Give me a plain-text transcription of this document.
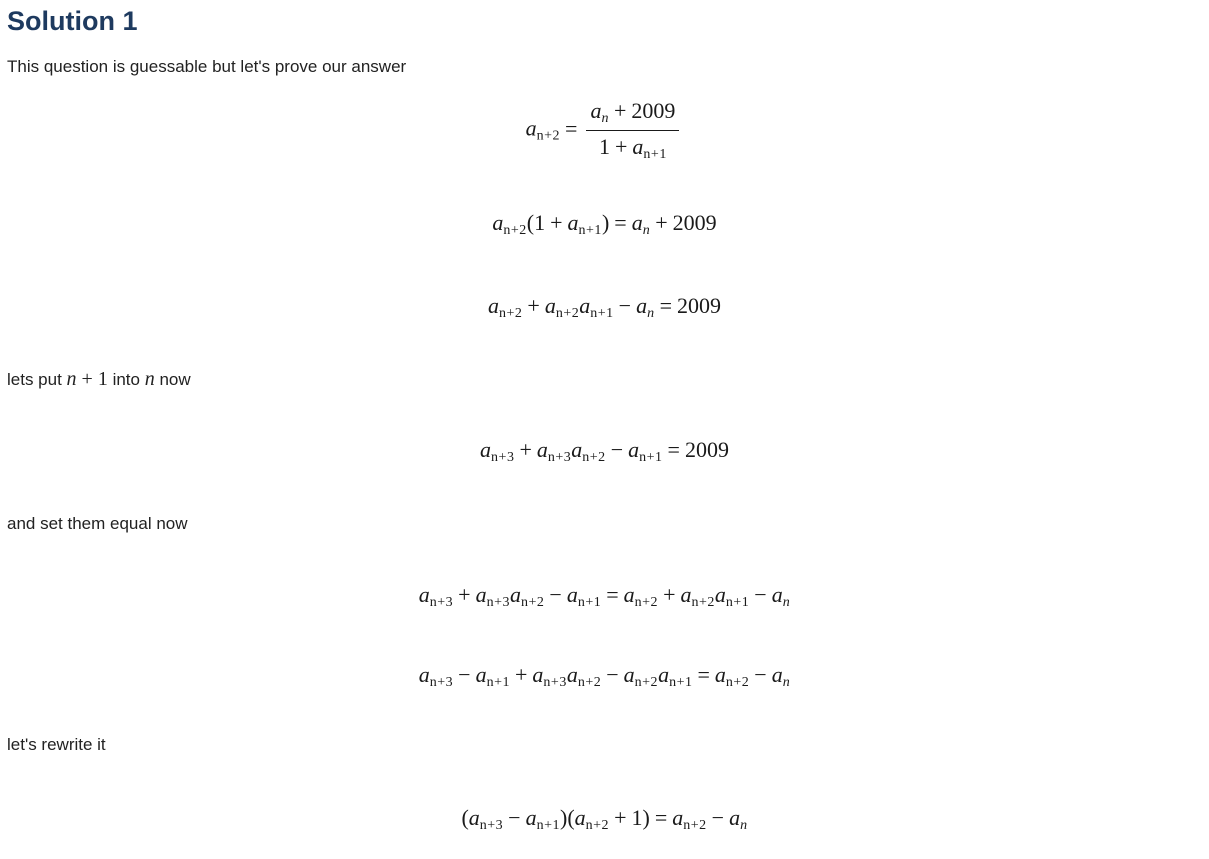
Solution 1

This question is guessable but let's prove our answer

$a_{n+2} = \frac{a_n + 2009}{1 + a_{n+1}}$
$a_{n+2}(1 + a_{n+1}) = a_n + 2009$
$a_{n+2} + a_{n+2}a_{n+1} - a_n = 2009$

lets put n + 1 into n now

$a_{n+3} + a_{n+3}a_{n+2} - a_{n+1} = 2009$

and set them equal now

$a_{n+3} + a_{n+3}a_{n+2} - a_{n+1} = a_{n+2} + a_{n+2}a_{n+1} - a_n$
$a_{n+3} - a_{n+1} + a_{n+3}a_{n+2} - a_{n+2}a_{n+1} = a_{n+2} - a_n$

let's rewrite it

$(a_{n+3} - a_{n+1})(a_{n+2} + 1) = a_{n+2} - a_n$
